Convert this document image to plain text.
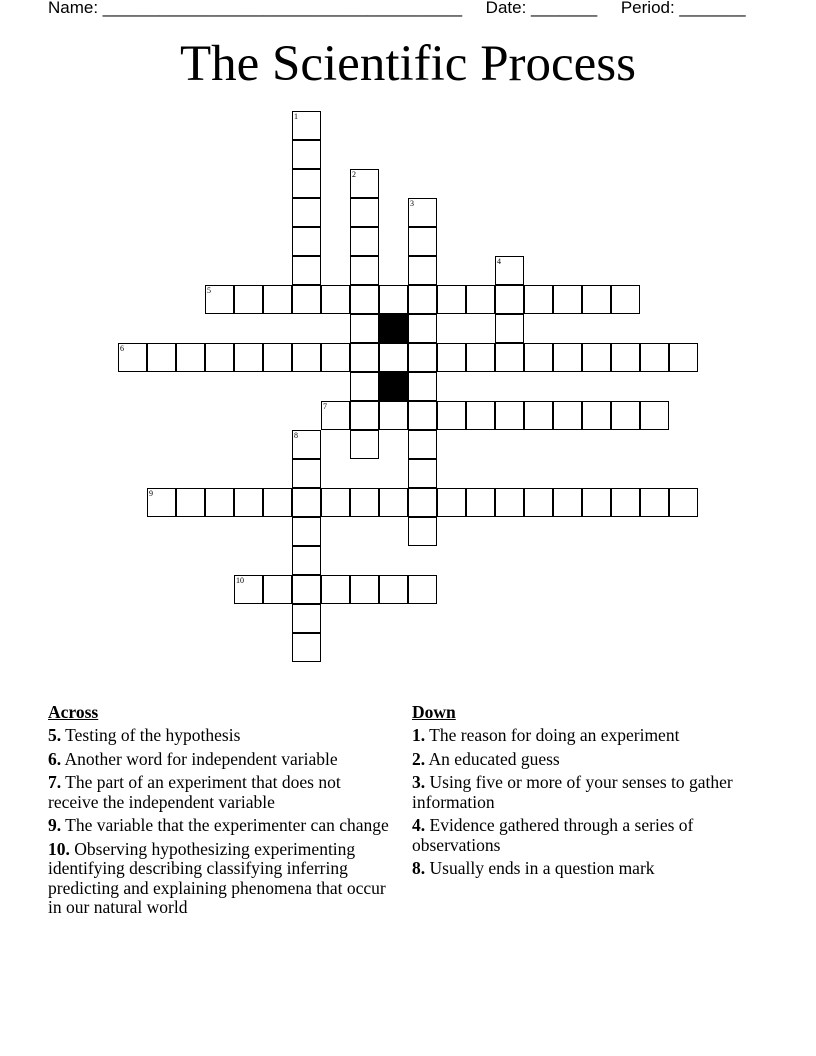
Name: ______________________________________     Date: _______     Period: _______
The Scientific Process
1
2
3
4
5
6
7
8
9
10
Across
5. Testing of the hypothesis
6. Another word for independent variable
7. The part of an experiment that does not receive the independent variable
9. The variable that the experimenter can change
10. Observing hypothesizing experimenting identifying describing classifying inferring predicting and explaining phenomena that occur in our natural world
Down
1. The reason for doing an experiment
2. An educated guess
3. Using five or more of your senses to gather information
4. Evidence gathered through a series of observations
8. Usually ends in a question mark
